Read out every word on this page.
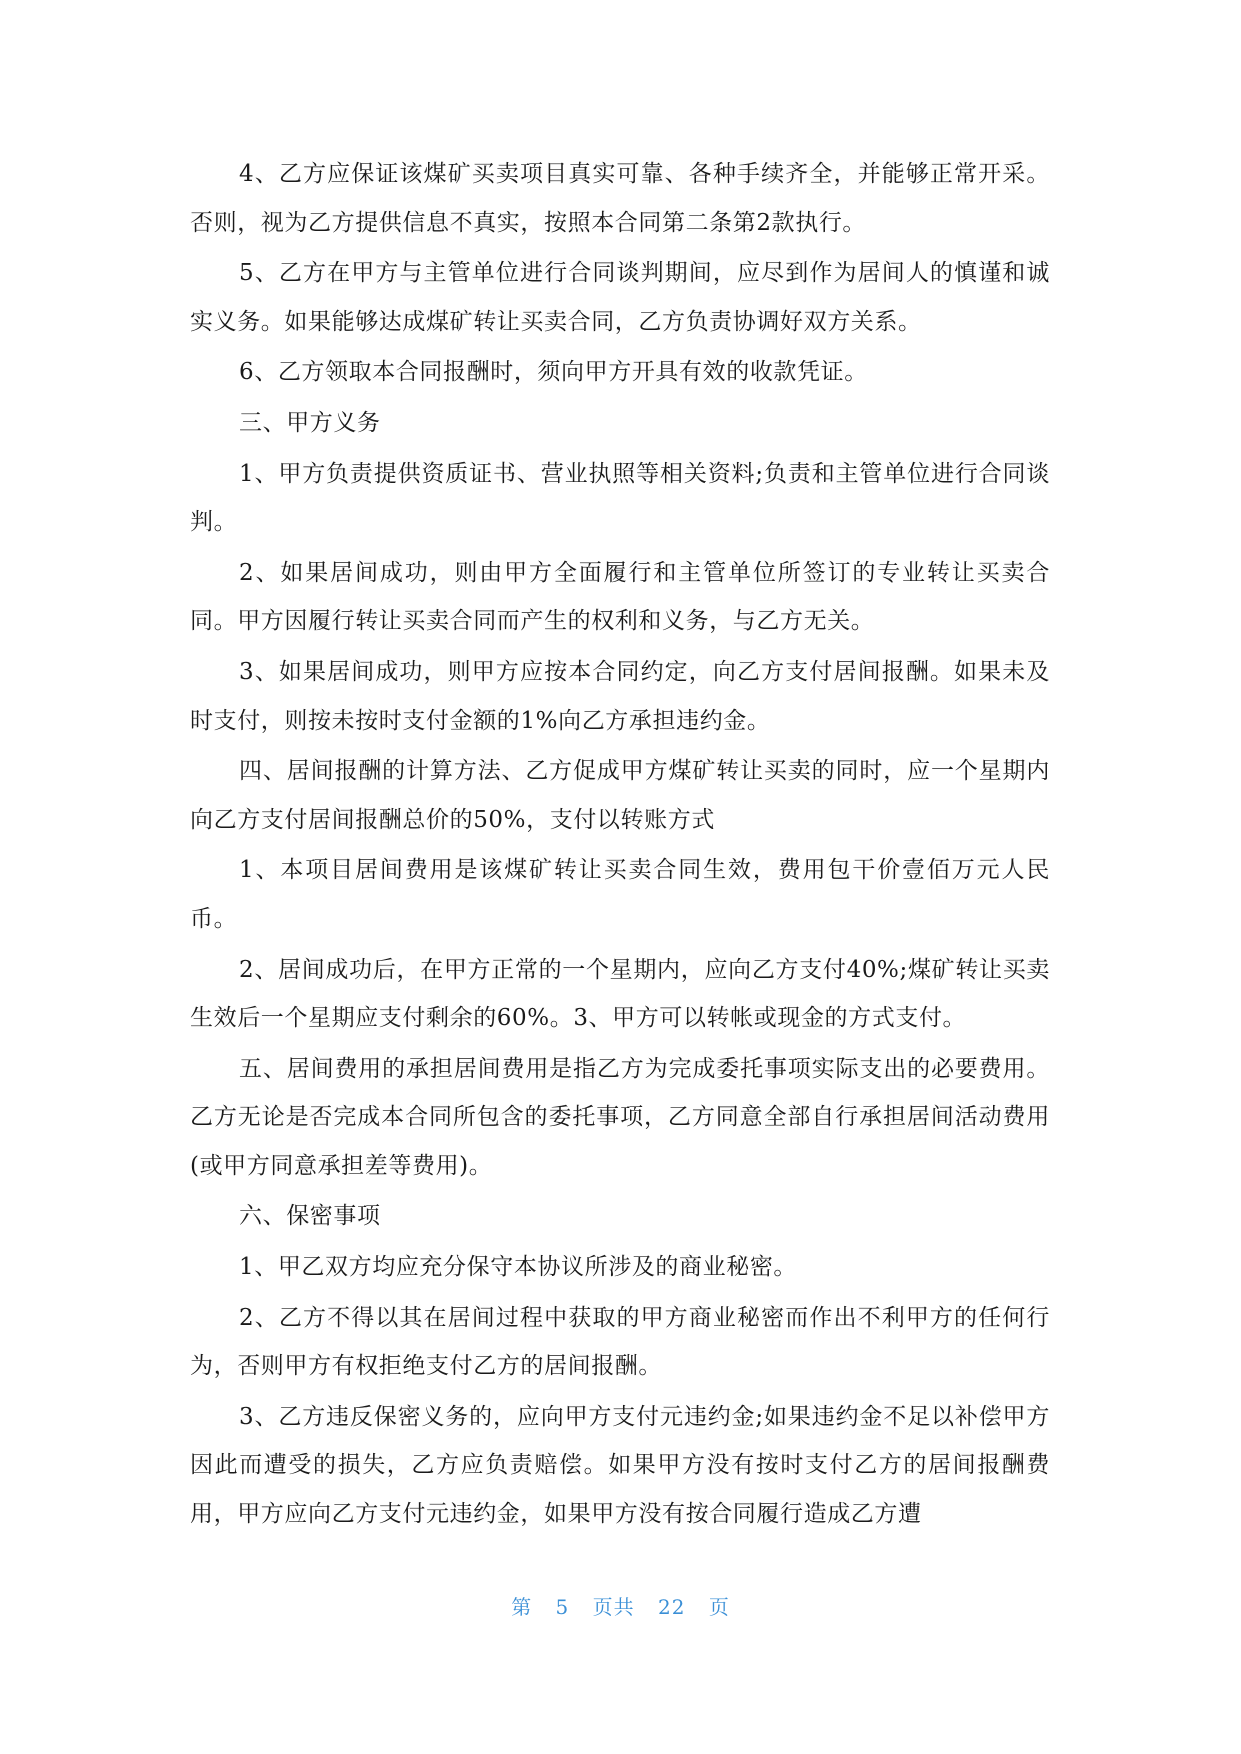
4、乙方应保证该煤矿买卖项目真实可靠、各种手续齐全，并能够正常开采。否则，视为乙方提供信息不真实，按照本合同第二条第2款执行。

5、乙方在甲方与主管单位进行合同谈判期间，应尽到作为居间人的慎谨和诚实义务。如果能够达成煤矿转让买卖合同，乙方负责协调好双方关系。

6、乙方领取本合同报酬时，须向甲方开具有效的收款凭证。

三、甲方义务

1、甲方负责提供资质证书、营业执照等相关资料;负责和主管单位进行合同谈判。

2、如果居间成功，则由甲方全面履行和主管单位所签订的专业转让买卖合同。甲方因履行转让买卖合同而产生的权利和义务，与乙方无关。

3、如果居间成功，则甲方应按本合同约定，向乙方支付居间报酬。如果未及时支付，则按未按时支付金额的1%向乙方承担违约金。

四、居间报酬的计算方法、乙方促成甲方煤矿转让买卖的同时，应一个星期内向乙方支付居间报酬总价的50%，支付以转账方式

1、本项目居间费用是该煤矿转让买卖合同生效，费用包干价壹佰万元人民币。

2、居间成功后，在甲方正常的一个星期内，应向乙方支付40%;煤矿转让买卖生效后一个星期应支付剩余的60%。3、甲方可以转帐或现金的方式支付。

五、居间费用的承担居间费用是指乙方为完成委托事项实际支出的必要费用。乙方无论是否完成本合同所包含的委托事项，乙方同意全部自行承担居间活动费用(或甲方同意承担差等费用)。

六、保密事项

1、甲乙双方均应充分保守本协议所涉及的商业秘密。

2、乙方不得以其在居间过程中获取的甲方商业秘密而作出不利甲方的任何行为，否则甲方有权拒绝支付乙方的居间报酬。

3、乙方违反保密义务的，应向甲方支付元违约金;如果违约金不足以补偿甲方因此而遭受的损失，乙方应负责赔偿。如果甲方没有按时支付乙方的居间报酬费用，甲方应向乙方支付元违约金，如果甲方没有按合同履行造成乙方遭

第 5 页共 22 页
